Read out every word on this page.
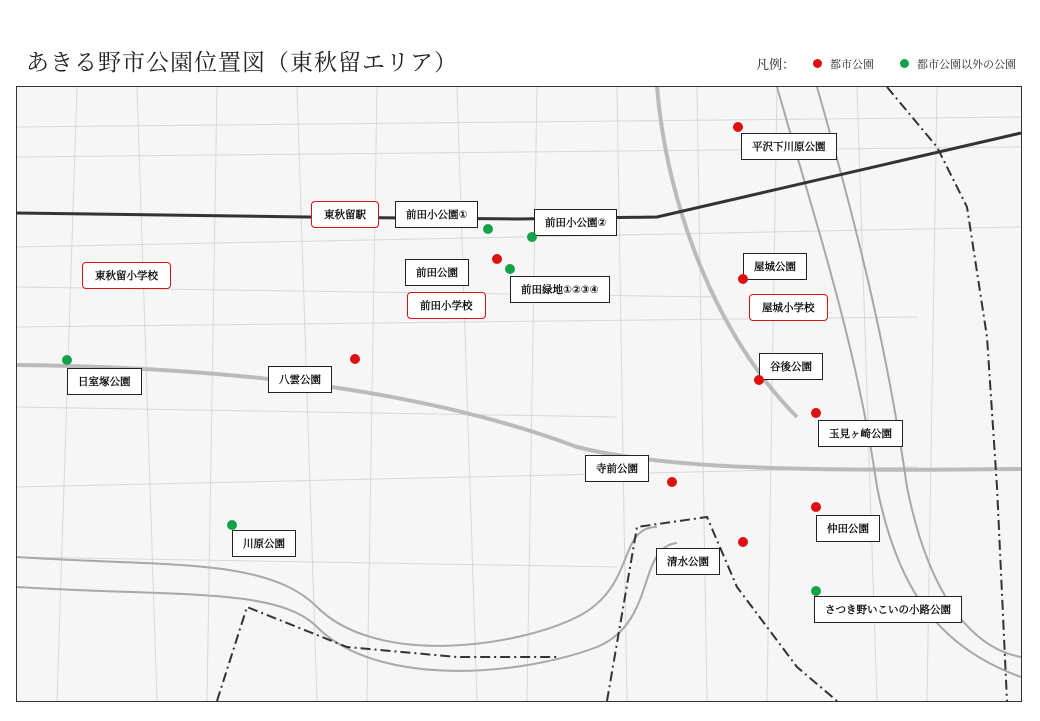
あきる野市公園位置図（東秋留エリア）	凡例：	都市公園	都市公園以外の公園
東秋留駅
東秋留小学校
前田小学校	屋城小学校
平沢下川原公園
前田小公園①
前田小公園②
前田公園
前田緑地①②③④
屋城公園
谷後公園
日室塚公園	八雲公園
玉見ヶ崎公園
寺前公園
仲田公園
川原公園
清水公園
さつき野いこいの小路公園
